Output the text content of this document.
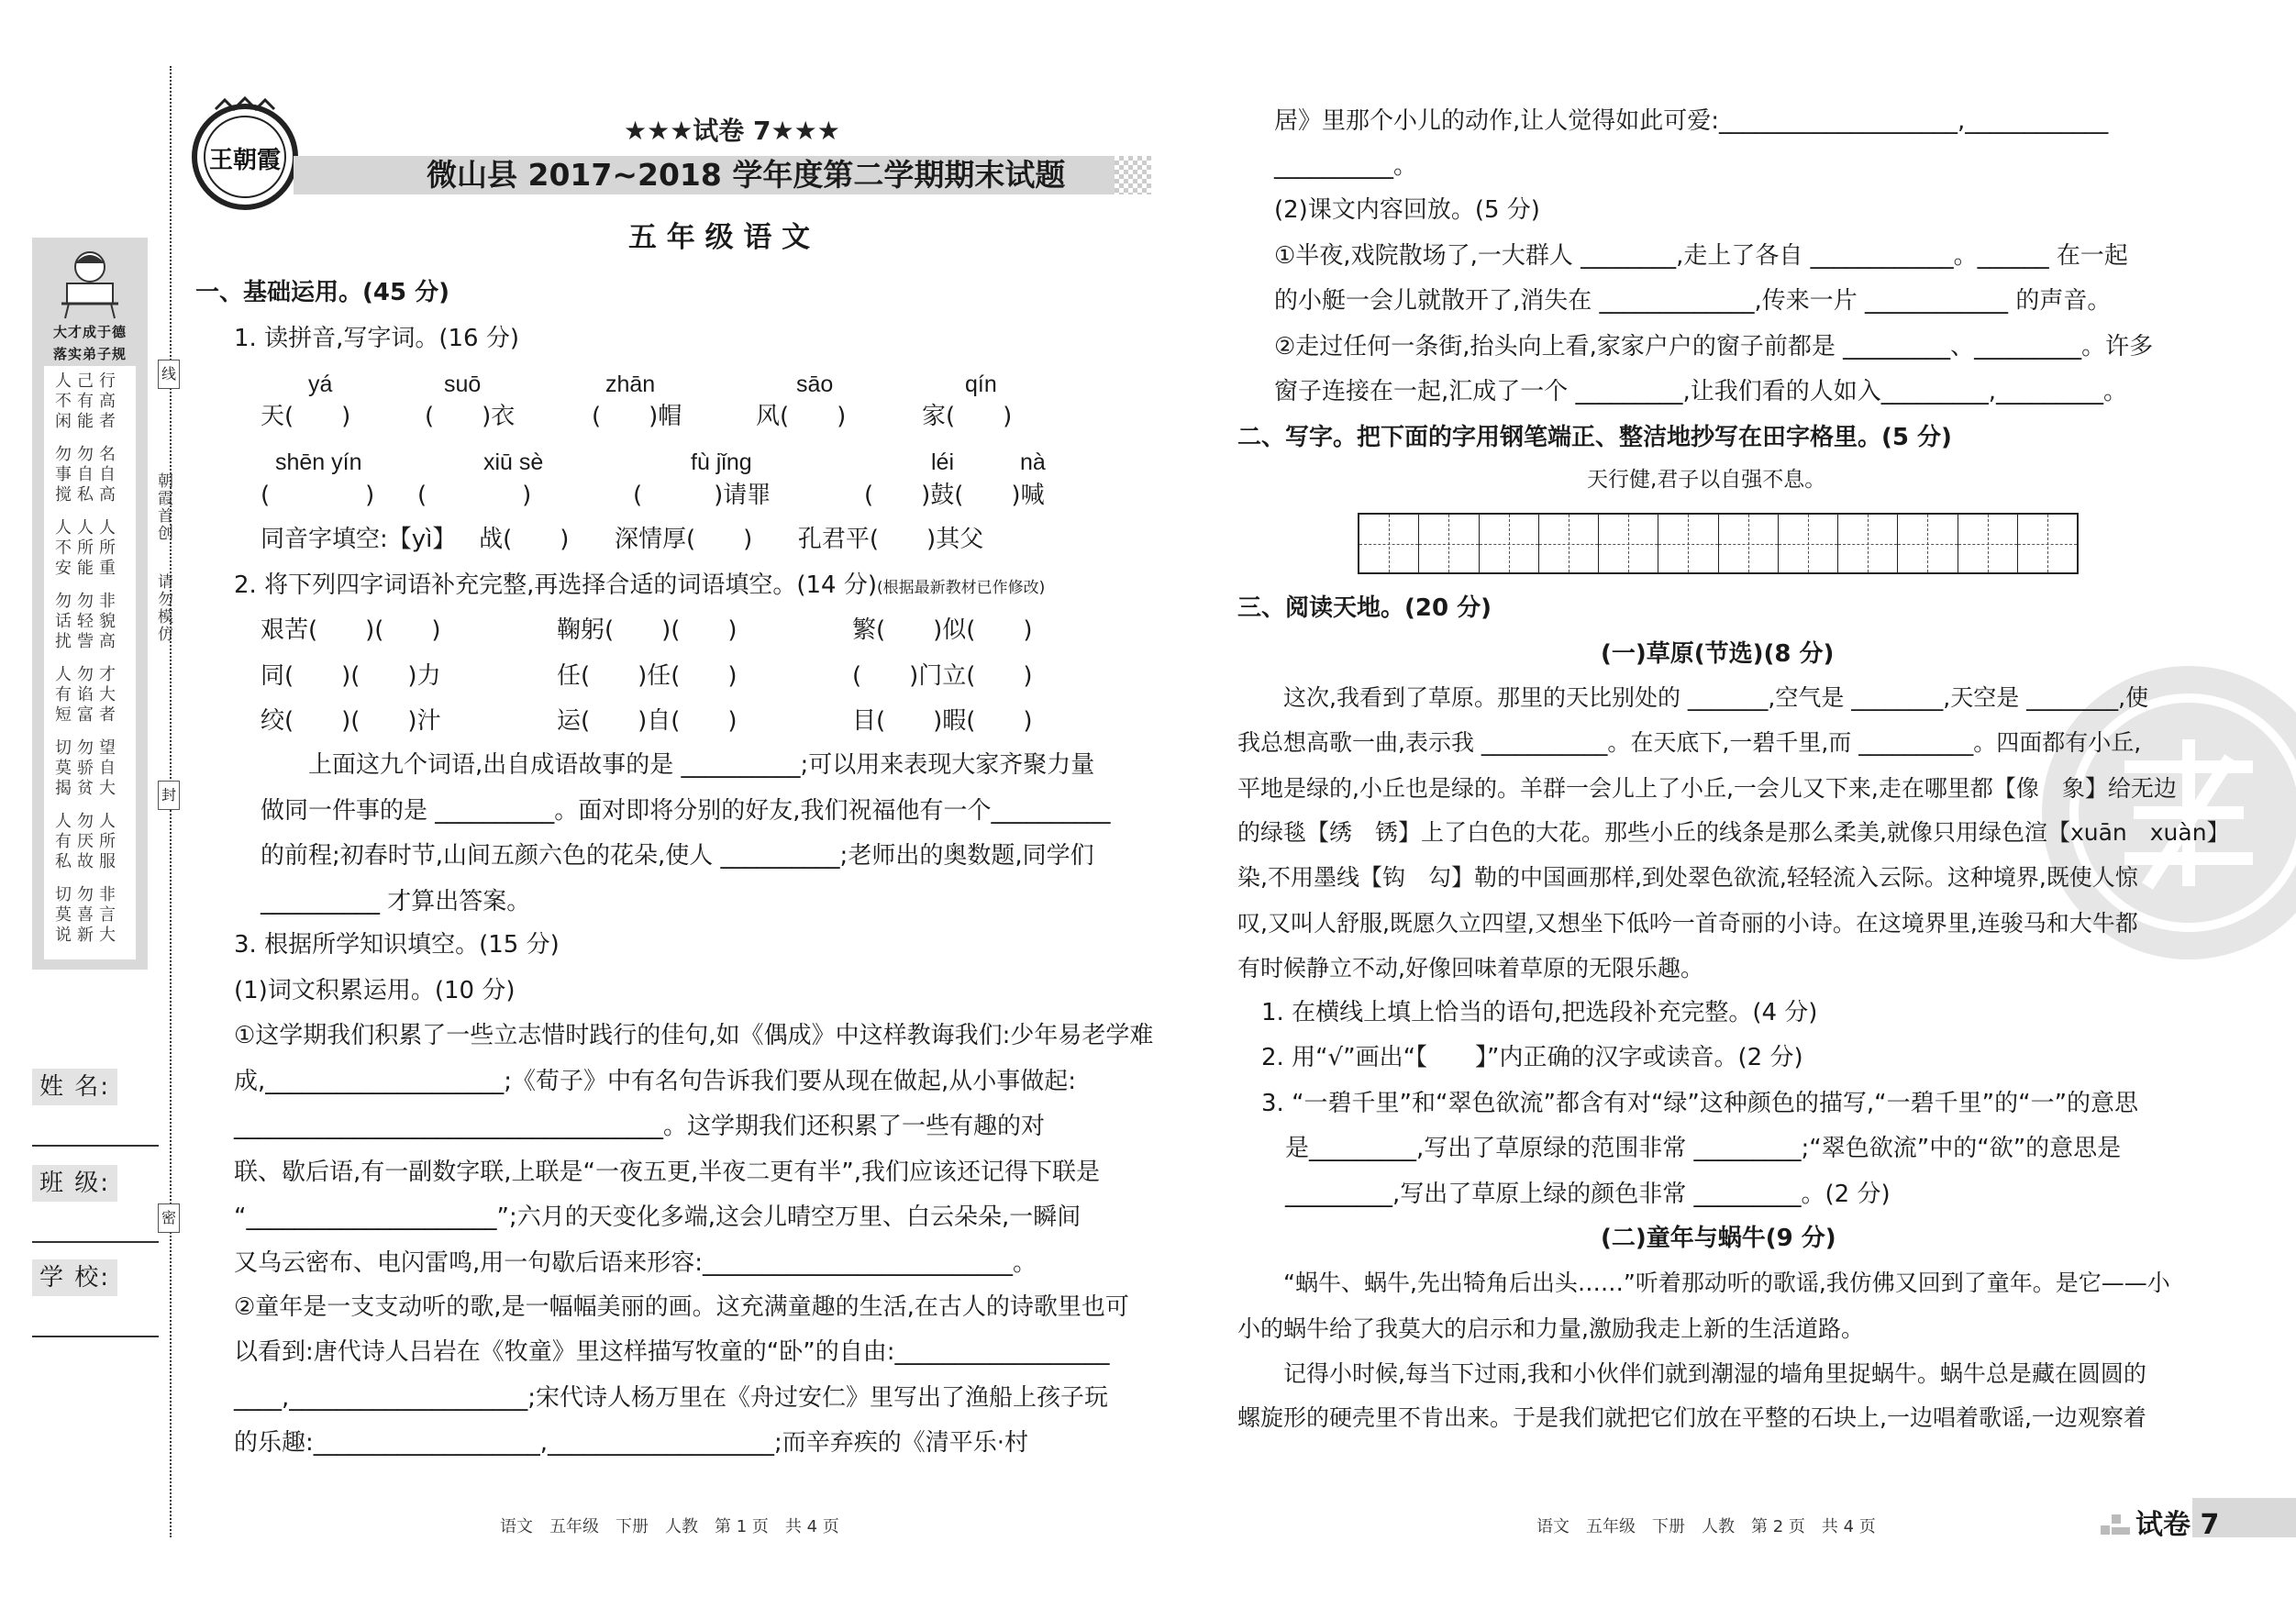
线
封
密
朝霞首创
请勿模仿
大才成于德
落实弟子规
人己行
不有高
闲能者
勿勿名
事自自
搅私高
人人人
不所所
安能重
勿勿非
话轻貌
扰訾高
人勿才
有谄大
短富者
切勿望
莫骄自
揭贫大
人勿人
有厌所
私故服
切勿非
莫喜言
说新大
姓 名:
班 级:
学 校:
王朝霞
★★★试卷 7★★★
微山县 2017~2018 学年度第二学期期末试题
五 年 级 语 文
一、基础运用。(45 分)
1. 读拼音,写字词。(16 分)
yá	suō	zhān	sāo	qín
天(　　)	(　　)衣	(　　)帽	风(　　)	家(　　)
shēn yín	xiū sè	fù jǐng	léi	nà
(　　　　) (　　　　)	(　　　)请罪	(　　)鼓(　　)喊
同音字填空:【yì】   战(　　)      深情厚(　　)      孔君平(　　)其父
2. 将下列四字词语补充完整,再选择合适的词语填空。(14 分)(根据最新教材已作修改)
艰苦(　　)(　　)	鞠躬(　　)(　　)	繁(　　)似(　　)
同(　　)(　　)力	任(　　)任(　　)	(　　)门立(　　)
绞(　　)(　　)汁	运(　　)自(　　)	目(　　)暇(　　)
　　上面这九个词语,出自成语故事的是 __________;可以用来表现大家齐聚力量
做同一件事的是 __________。面对即将分别的好友,我们祝福他有一个__________
的前程;初春时节,山间五颜六色的花朵,使人 __________;老师出的奥数题,同学们
__________ 才算出答案。
3. 根据所学知识填空。(15 分)
(1)词文积累运用。(10 分)
①这学期我们积累了一些立志惜时践行的佳句,如《偶成》中这样教诲我们:少年易老学难
成,____________________;《荀子》中有名句告诉我们要从现在做起,从小事做起:
____________________________________。这学期我们还积累了一些有趣的对
联、歇后语,有一副数字联,上联是“一夜五更,半夜二更有半”,我们应该还记得下联是
“_____________________”;六月的天变化多端,这会儿晴空万里、白云朵朵,一瞬间
又乌云密布、电闪雷鸣,用一句歇后语来形容:__________________________。
②童年是一支支动听的歌,是一幅幅美丽的画。这充满童趣的生活,在古人的诗歌里也可
以看到:唐代诗人吕岩在《牧童》里这样描写牧童的“卧”的自由:__________________
____,____________________;宋代诗人杨万里在《舟过安仁》里写出了渔船上孩子玩
的乐趣:___________________,___________________;而辛弃疾的《清平乐·村
语文　五年级　下册　人教　第 1 页　共 4 页
居》里那个小儿的动作,让人觉得如此可爱:____________________,____________
__________。
(2)课文内容回放。(5 分)
①半夜,戏院散场了,一大群人 ________,走上了各自 ____________。______ 在一起
的小艇一会儿就散开了,消失在 _____________,传来一片 ____________ 的声音。
②走过任何一条街,抬头向上看,家家户户的窗子前都是 _________、_________。许多
窗子连接在一起,汇成了一个 _________,让我们看的人如入_________,_________。
二、写字。把下面的字用钢笔端正、整洁地抄写在田字格里。(5 分)
天行健,君子以自强不息。
三、阅读天地。(20 分)
(一)草原(节选)(8 分)
　　这次,我看到了草原。那里的天比别处的 _______,空气是 ________,天空是 ________,使
我总想高歌一曲,表示我 ___________。在天底下,一碧千里,而 __________。四面都有小丘,
平地是绿的,小丘也是绿的。羊群一会儿上了小丘,一会儿又下来,走在哪里都【像　象】给无边
的绿毯【绣　锈】上了白色的大花。那些小丘的线条是那么柔美,就像只用绿色渲【xuān　xuàn】
染,不用墨线【钩　勾】勒的中国画那样,到处翠色欲流,轻轻流入云际。这种境界,既使人惊
叹,又叫人舒服,既愿久立四望,又想坐下低吟一首奇丽的小诗。在这境界里,连骏马和大牛都
有时候静立不动,好像回味着草原的无限乐趣。
　1. 在横线上填上恰当的语句,把选段补充完整。(4 分)
　2. 用“√”画出“【　　】”内正确的汉字或读音。(2 分)
　3. “一碧千里”和“翠色欲流”都含有对“绿”这种颜色的描写,“一碧千里”的“一”的意思
　　是_________,写出了草原绿的范围非常 _________;“翠色欲流”中的“欲”的意思是
　　_________,写出了草原上绿的颜色非常 _________。(2 分)
(二)童年与蜗牛(9 分)
　　“蜗牛、蜗牛,先出犄角后出头……”听着那动听的歌谣,我仿佛又回到了童年。是它——小
小的蜗牛给了我莫大的启示和力量,激励我走上新的生活道路。
　　记得小时候,每当下过雨,我和小伙伴们就到潮湿的墙角里捉蜗牛。蜗牛总是藏在圆圆的
螺旋形的硬壳里不肯出来。于是我们就把它们放在平整的石块上,一边唱着歌谣,一边观察着
语文　五年级　下册　人教　第 2 页　共 4 页	试卷 7
